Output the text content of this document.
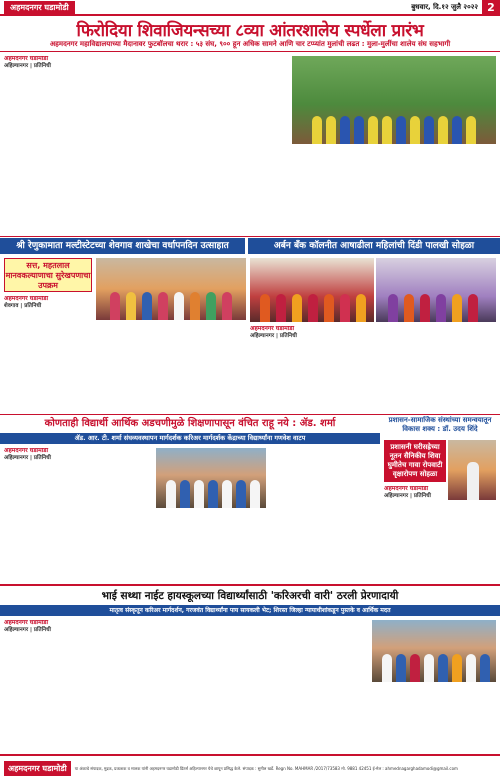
अहमदनगर घडामोडी	बुधवार, दि.१२ जुलै २०२२ 2
फिरोदिया शिवाजियन्सच्या ८व्या आंतरशालेय स्पर्धेला प्रारंभ
अहमदनगर महाविद्यालयाच्या मैदानावर फुटबॉलचा थरार : ५३ संघ, ९०० हून अधिक सामने आणि चार टप्प्यांत मुलांची लढत : मुला-मुलींचा शालेय संघ सहभागी
अहमदनगर घडामोडी
अहिल्यानगर | प्रतिनिधी
श्री रेणुकामाता मल्टीस्टेटच्या शेवगाव शाखेचा वर्धापनदिन उत्साहात	अर्बन बँक कॉलनीत आषाढीला महिलांची दिंडी पालखी सोहळा
सत्त, महतलाल मानवकल्याणाचा सुरेखपणाचा उपक्रम
अहमदनगर घडामोडी
शेवगाव | प्रतिनिधी
अहमदनगर घडामोडी
अहिल्यानगर | प्रतिनिधी
कोणताही विद्यार्थी आर्थिक अडचणीमुळे शिक्षणापासून वंचित राहू नये : ॲड. शर्मा
ॲड. आर. टी. शर्मा संघव्यवस्थापन मार्गदर्शक करिअर मार्गदर्शक केंद्राच्या विद्यार्थ्यांना गणवेश वाटप
अहमदनगर घडामोडी
अहिल्यानगर | प्रतिनिधी
प्रशासन-सामाजिक संस्थांच्या समन्वयातून विकास शक्य : डॉ. उदय शिंदे
प्रशासनी घरीसह्रेच्या नूतन सैनिकीय शिवा घुमीतेच गावा रोपवाटी वृक्षारोपण सोहळा
अहमदनगर घडामोडी
अहिल्यानगर | प्रतिनिधी
भाई सथ्था नाईट हायस्कूलच्या विद्यार्थ्यांसाठी 'करिअरची वारी' ठरली प्रेरणादायी
मातृत्व संस्कृतून करिअर मार्गदर्शन, गरजवंत विद्यार्थ्यांना पाय सायकली भेट; शिरस्त जिल्हा न्यायाधीशांकडून पुस्तके व आर्थिक मदत
अहमदनगर घडामोडी
अहिल्यानगर | प्रतिनिधी
अहमदनगर घडामोडी	या अंकाचे संपादक, मुद्रक, प्रकाशक व मालक यांनी अहमदनगर घडामोडी प्रिंटर्स अहिल्यानगर येथे छापून प्रसिद्ध केले. संपादक : सुनील खर्डे. Regn No. MAHMAR /2017/73583 मो. 9881 42451 ई-मेल : ahmednagarghadamodi@gmail.com
